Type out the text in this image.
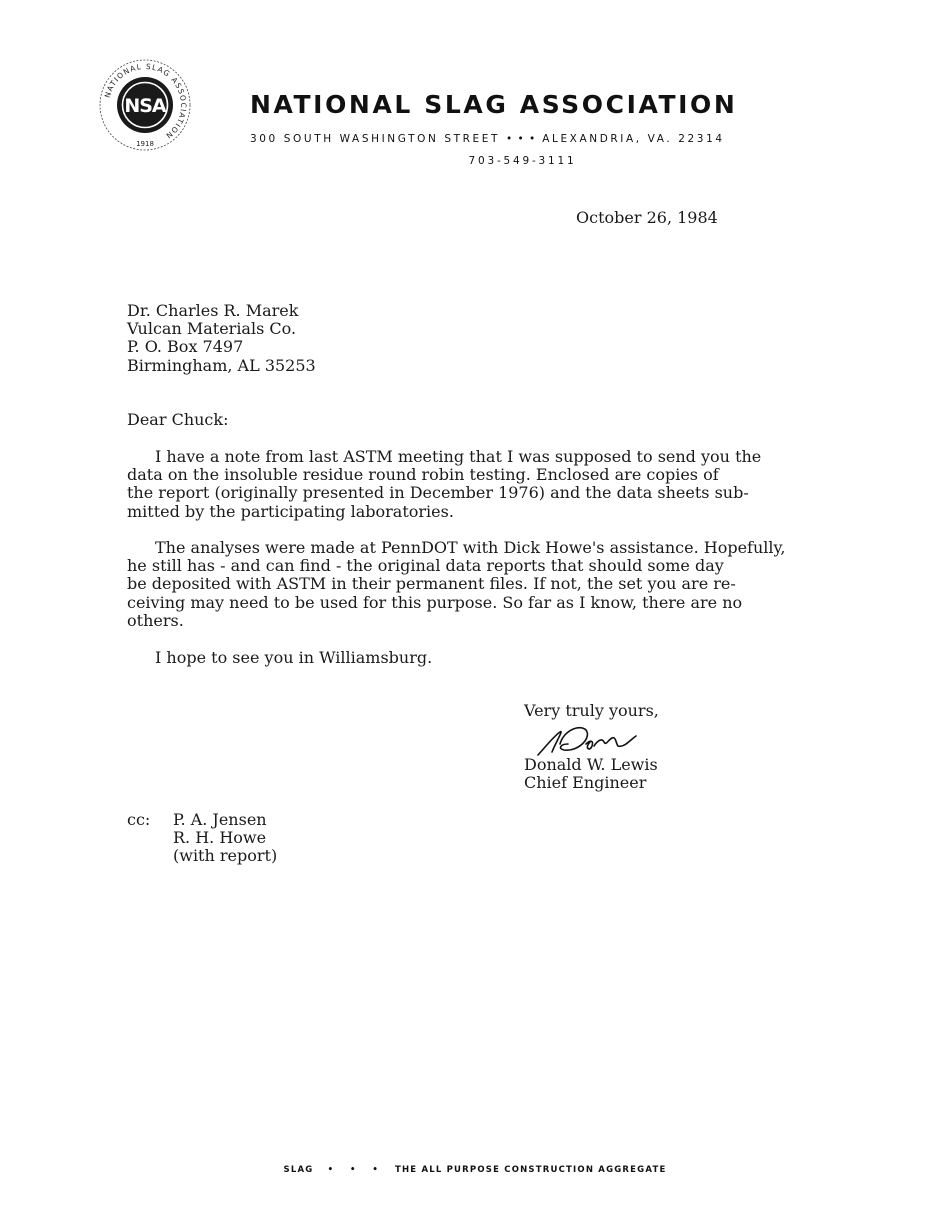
NATIONAL SLAG ASSOCIATION
NSA
1918
NATIONAL SLAG ASSOCIATION
300 SOUTH WASHINGTON STREET • • • ALEXANDRIA, VA. 22314
703-549-3111
October 26, 1984
Dr. Charles R. Marek
Vulcan Materials Co.
P. O. Box 7497
Birmingham, AL 35253
Dear Chuck:
I have a note from last ASTM meeting that I was supposed to send you the
data on the insoluble residue round robin testing. Enclosed are copies of
the report (originally presented in December 1976) and the data sheets sub-
mitted by the participating laboratories.
The analyses were made at PennDOT with Dick Howe's assistance. Hopefully,
he still has - and can find - the original data reports that should some day
be deposited with ASTM in their permanent files. If not, the set you are re-
ceiving may need to be used for this purpose. So far as I know, there are no
others.
I hope to see you in Williamsburg.
Very truly yours,
Donald W. Lewis
Chief Engineer
cc: P. A. Jensen
R. H. Howe
(with report)
SLAG • • • THE ALL PURPOSE CONSTRUCTION AGGREGATE
